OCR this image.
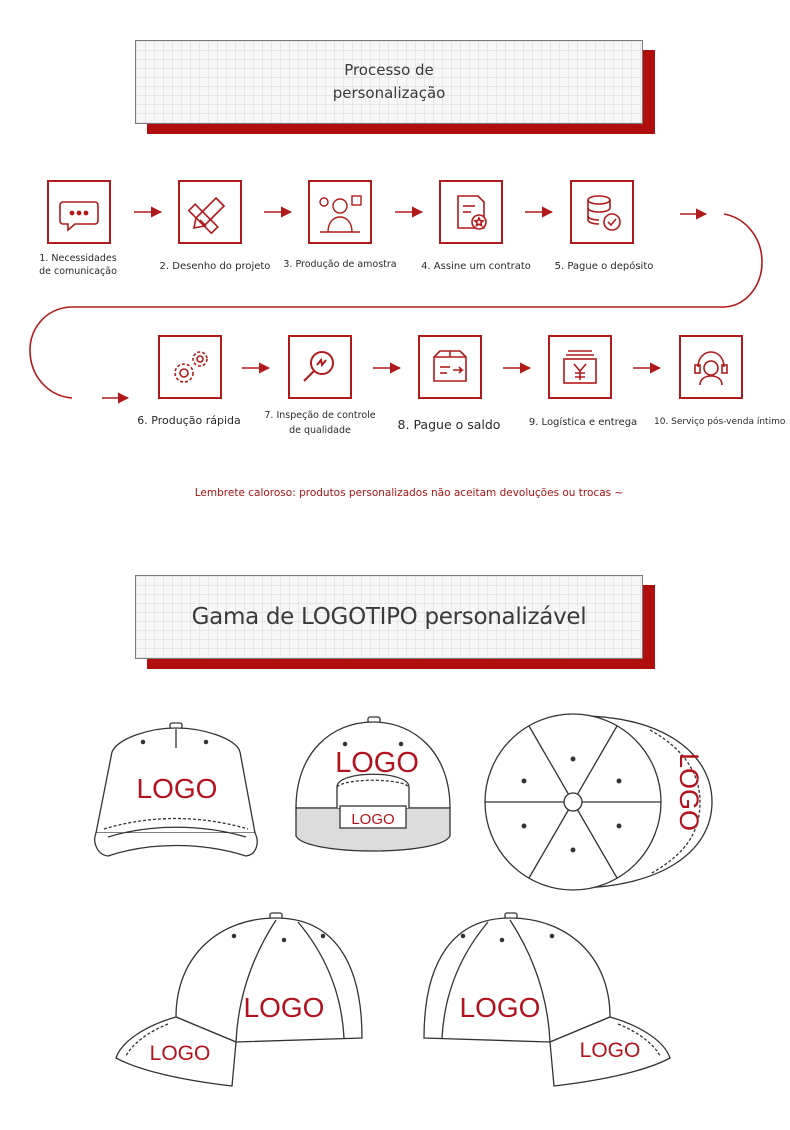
Processo de personalização
1. Necessidades de comunicação	2. Desenho do projeto	3. Produção de amostra	4. Assine um contrato	5. Pague o depósito
6. Produção rápida	7. Inspeção de controle de qualidade	8. Pague o saldo	9. Logística e entrega	10. Serviço pós-venda íntimo
Lembrete caloroso: produtos personalizados não aceitam devoluções ou trocas ~
Gama de LOGOTIPO personalizável
LOGO
LOGO
LOGO	LOGO
LOGO
LOGO
LOGO
LOGO
